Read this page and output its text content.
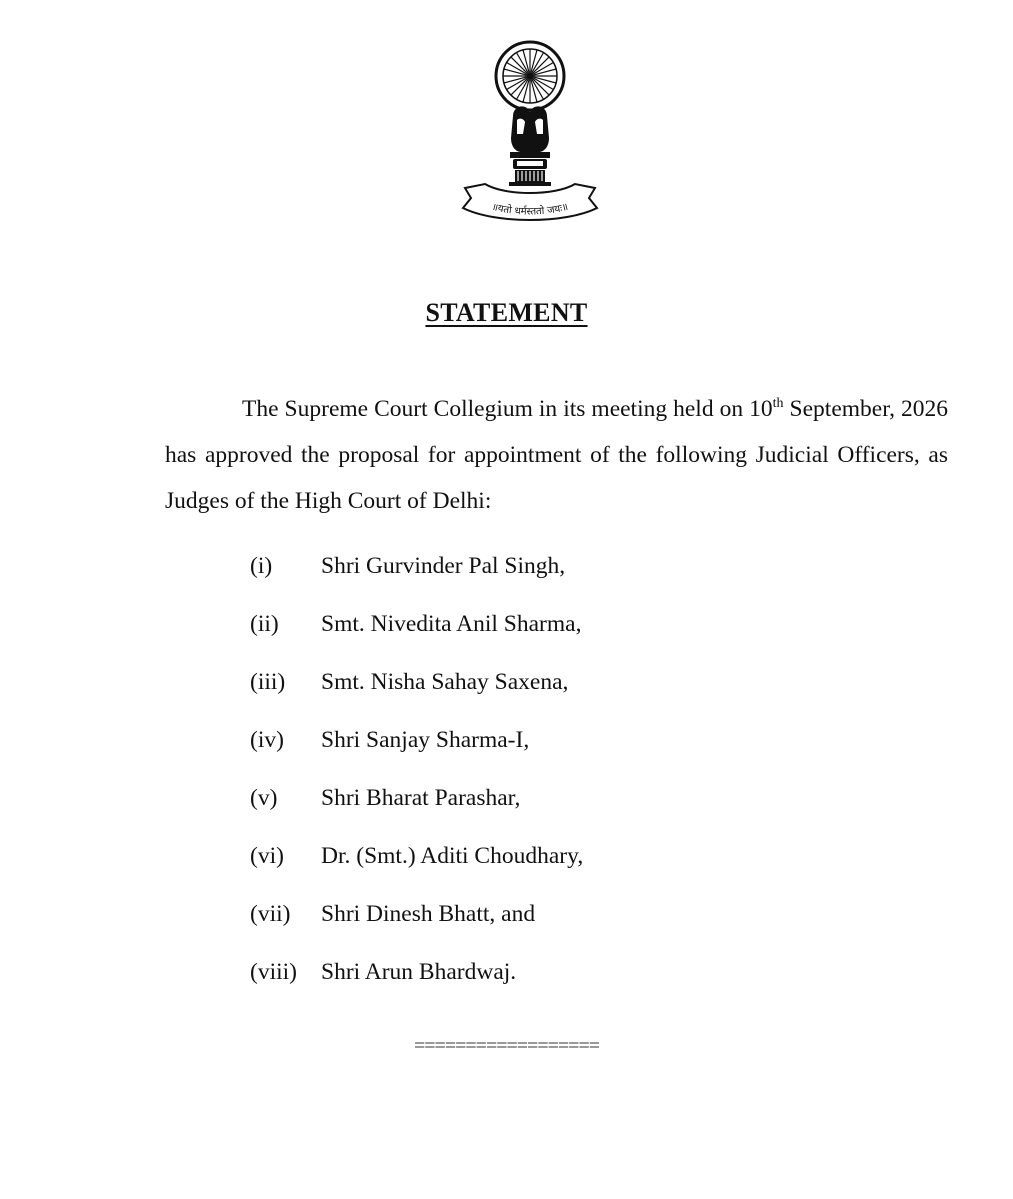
॥यतो धर्मस्ततो जयः॥
STATEMENT

The Supreme Court Collegium in its meeting held on 10th September, 2026 has approved the proposal for appointment of the following Judicial Officers, as Judges of the High Court of Delhi:

(i)	Shri Gurvinder Pal Singh,
(ii)	Smt. Nivedita Anil Sharma,
(iii)	Smt. Nisha Sahay Saxena,
(iv)	Shri Sanjay Sharma-I,
(v)	Shri Bharat Parashar,
(vi)	Dr. (Smt.) Aditi Choudhary,
(vii)	Shri Dinesh Bhatt, and
(viii)	Shri Arun Bhardwaj.
==================
